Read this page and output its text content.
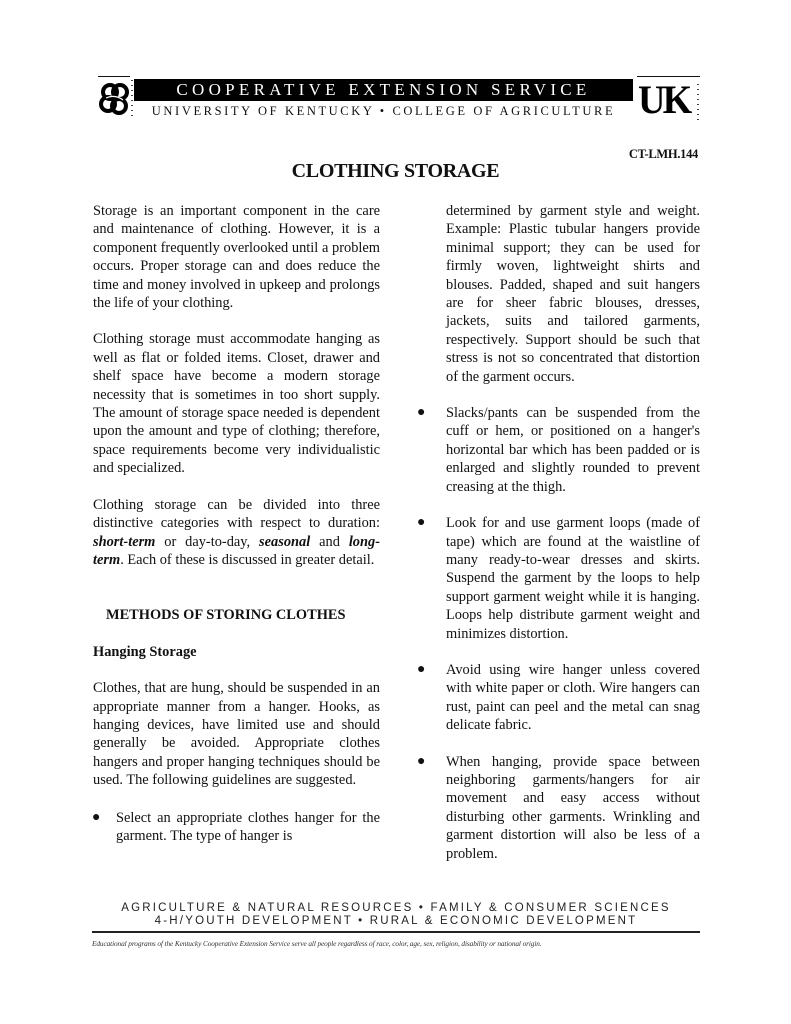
COOPERATIVE EXTENSION SERVICE
UNIVERSITY OF KENTUCKY • COLLEGE OF AGRICULTURE UK
CT-LMH.144
CLOTHING STORAGE

Storage is an important component in the care and maintenance of clothing. However, it is a component frequently overlooked until a problem occurs. Proper storage can and does reduce the time and money involved in upkeep and prolongs the life of your clothing.

Clothing storage must accommodate hanging as well as flat or folded items. Closet, drawer and shelf space have become a modern storage necessity that is sometimes in too short supply. The amount of storage space needed is dependent upon the amount and type of clothing; therefore, space requirements become very individualistic and specialized.

Clothing storage can be divided into three distinctive categories with respect to duration: short-term or day-to-day, seasonal and long-term. Each of these is discussed in greater detail.

METHODS OF STORING CLOTHES

Hanging Storage

Clothes, that are hung, should be suspended in an appropriate manner from a hanger. Hooks, as hanging devices, have limited use and should generally be avoided. Appropriate clothes hangers and proper hanging techniques should be used. The following guidelines are suggested.

● Select an appropriate clothes hanger for the garment. The type of hanger is

determined by garment style and weight. Example: Plastic tubular hangers provide minimal support; they can be used for firmly woven, lightweight shirts and blouses. Padded, shaped and suit hangers are for sheer fabric blouses, dresses, jackets, suits and tailored garments, respectively. Support should be such that stress is not so concentrated that distortion of the garment occurs.

● Slacks/pants can be suspended from the cuff or hem, or positioned on a hanger's horizontal bar which has been padded or is enlarged and slightly rounded to prevent creasing at the thigh.

● Look for and use garment loops (made of tape) which are found at the waistline of many ready-to-wear dresses and skirts. Suspend the garment by the loops to help support garment weight while it is hanging. Loops help distribute garment weight and minimizes distortion.

● Avoid using wire hanger unless covered with white paper or cloth. Wire hangers can rust, paint can peel and the metal can snag delicate fabric.

● When hanging, provide space between neighboring garments/hangers for air movement and easy access without disturbing other garments. Wrinkling and garment distortion will also be less of a problem.

AGRICULTURE & NATURAL RESOURCES • FAMILY & CONSUMER SCIENCES
4-H/YOUTH DEVELOPMENT • RURAL & ECONOMIC DEVELOPMENT
Educational programs of the Kentucky Cooperative Extension Service serve all people regardless of race, color, age, sex, religion, disability or national origin.
